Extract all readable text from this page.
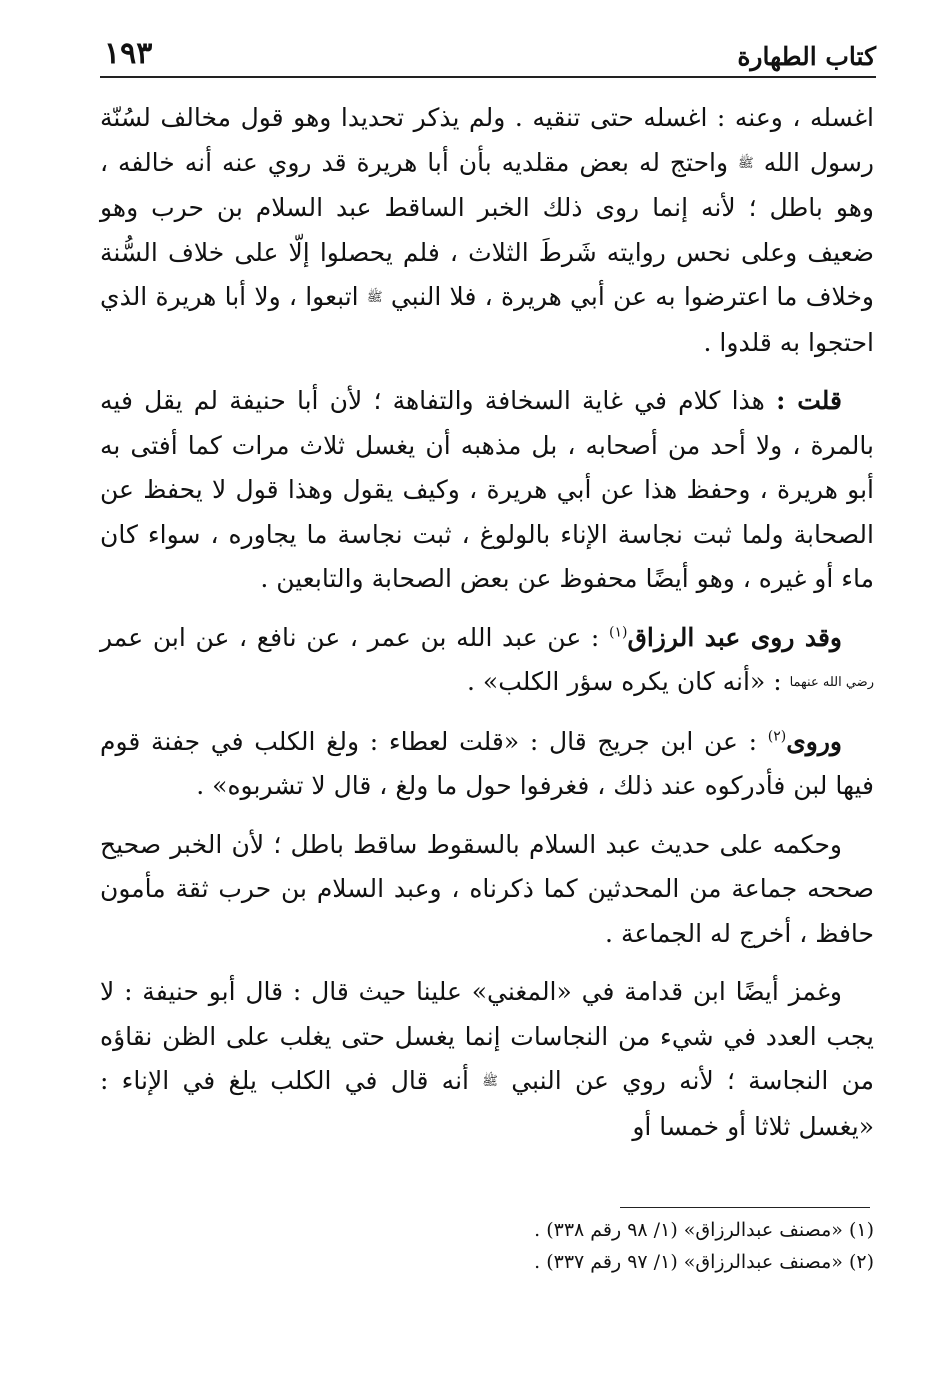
كتاب الطهارة
١٩٣

اغسله ، وعنه : اغسله حتى تنقيه . ولم يذكر تحديدا وهو قول مخالف لسُنّة رسول الله ﷺ واحتج له بعض مقلديه بأن أبا هريرة قد روي عنه أنه خالفه ، وهو باطل ؛ لأنه إنما روى ذلك الخبر الساقط عبد السلام بن حرب وهو ضعيف وعلى نحس روايته شَرطَ الثلاث ، فلم يحصلوا إلّا على خلاف السُّنة وخلاف ما اعترضوا به عن أبي هريرة ، فلا النبي ﷺ اتبعوا ، ولا أبا هريرة الذي احتجوا به قلدوا .

قلت : هذا كلام في غاية السخافة والتفاهة ؛ لأن أبا حنيفة لم يقل فيه بالمرة ، ولا أحد من أصحابه ، بل مذهبه أن يغسل ثلاث مرات كما أفتى به أبو هريرة ، وحفظ هذا عن أبي هريرة ، وكيف يقول وهذا قول لا يحفظ عن الصحابة ولما ثبت نجاسة الإناء بالولوغ ، ثبت نجاسة ما يجاوره ، سواء كان ماء أو غيره ، وهو أيضًا محفوظ عن بعض الصحابة والتابعين .

وقد روى عبد الرزاق$^{(١)}$ : عن عبد الله بن عمر ، عن نافع ، عن ابن عمر رضي الله عنهما : «أنه كان يكره سؤر الكلب» .

وروى$^{(٢)}$ : عن ابن جريج قال : «قلت لعطاء : ولغ الكلب في جفنة قوم فيها لبن فأدركوه عند ذلك ، فغرفوا حول ما ولغ ، قال لا تشربوه» .

وحكمه على حديث عبد السلام بالسقوط ساقط باطل ؛ لأن الخبر صحيح صححه جماعة من المحدثين كما ذكرناه ، وعبد السلام بن حرب ثقة مأمون حافظ ، أخرج له الجماعة .

وغمز أيضًا ابن قدامة في «المغني» علينا حيث قال : قال أبو حنيفة : لا يجب العدد في شيء من النجاسات إنما يغسل حتى يغلب على الظن نقاؤه من النجاسة ؛ لأنه روي عن النبي ﷺ أنه قال في الكلب يلغ في الإناء : «يغسل ثلاثا أو خمسا أو

(١) «مصنف عبدالرزاق» (١/ ٩٨ رقم ٣٣٨) .

(٢) «مصنف عبدالرزاق» (١/ ٩٧ رقم ٣٣٧) .
